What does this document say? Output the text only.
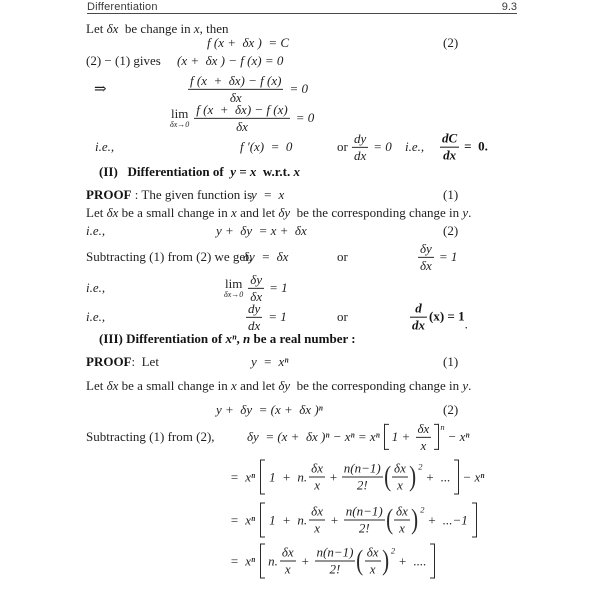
Differentiation	9.3
Let δx be change in x , then
f (x +  δx )  = C	(2)
(2) − (1) gives (x +  δx ) − f (x) = 0
⇒	$\frac{f (x + \delta x) - f (x)}{\delta x} = 0$
lim
$\delta x\to 0 \frac{f (x + \delta x) - f (x)}{\delta x} = 0$
i.e.,	f ′(x)  =  0	or $\frac{dy}{dx} = 0$ i.e., $\frac{dC}{dx} = 0$.
(II)   Differentiation of y = x w.r.t. x
PROOF : The given function is
y  =  x	(1)
Let δx be a small change in x and let δy be the corresponding change in y .
i.e.,	y +  δy  = x +  δx	(2)
Subtracting (1) from (2) we get,
δy  =  δx	or	$\frac{\delta y}{\delta x} = 1$
i.e.,	lim
$\delta x\to 0 \frac{\delta y}{\delta x} = 1$
i.e.,	$\frac{dy}{dx} = 1$	or	$\frac{d}{dx} (x) = 1$ .
(III) Differentiation of xⁿ , n be a real number :
PROOF :  Let	y  =  xⁿ	(1)
Let δx be a small change in x and let δy be the corresponding change in y .
y +  δy  = (x +  δx )ⁿ	(2)
Subtracting (1) from (2), δy  = (x +  δx )ⁿ − xⁿ = xⁿ $1 + \frac{\delta x}{x}$ n
− xⁿ
=  xⁿ 1  +  n. $\frac{\delta x}{x} + \frac{n(n-1)}{2!}$ ( $\frac{\delta x}{x}$ ) 2
+  ... − xⁿ
=  xⁿ 1  +  n. $\frac{\delta x}{x} + \frac{n(n-1)}{2!}$ ( $\frac{\delta x}{x}$ ) 2
+  ...−1
=  xⁿ n. $\frac{\delta x}{x} + \frac{n(n-1)}{2!}$ ( $\frac{\delta x}{x}$ ) 2
+  ....
